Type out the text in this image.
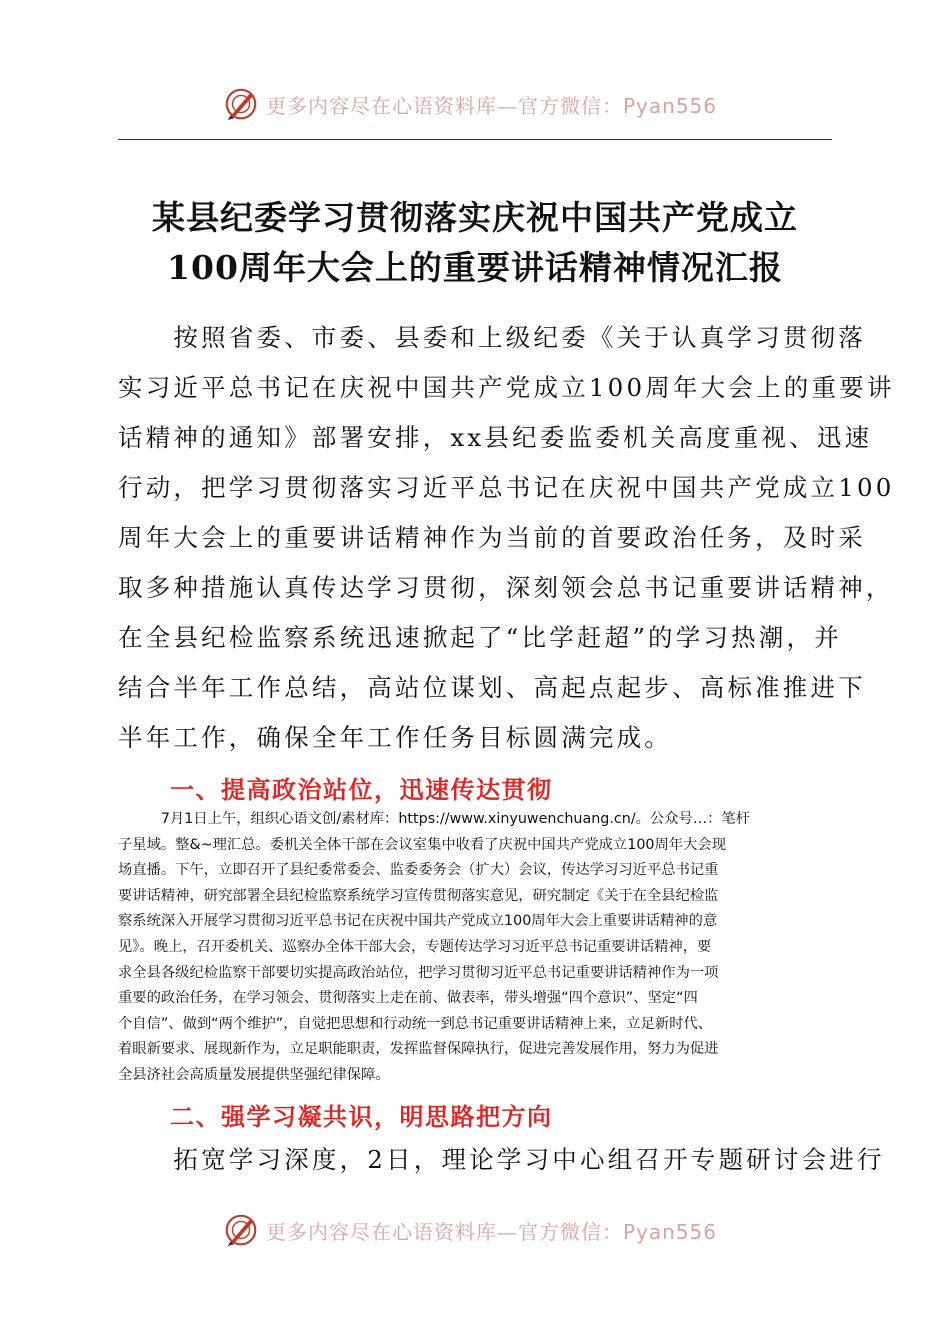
更多内容尽在心语资料库—官方微信：Pyan556
某县纪委学习贯彻落实庆祝中国共产党成立
100周年大会上的重要讲话精神情况汇报
　　按照省委、市委、县委和上级纪委《关于认真学习贯彻落
实习近平总书记在庆祝中国共产党成立100周年大会上的重要讲
话精神的通知》部署安排，xx县纪委监委机关高度重视、迅速
行动，把学习贯彻落实习近平总书记在庆祝中国共产党成立100
周年大会上的重要讲话精神作为当前的首要政治任务，及时采
取多种措施认真传达学习贯彻，深刻领会总书记重要讲话精神，
在全县纪检监察系统迅速掀起了“比学赶超”的学习热潮，并
结合半年工作总结，高站位谋划、高起点起步、高标准推进下
半年工作，确保全年工作任务目标圆满完成。
一、提高政治站位，迅速传达贯彻
　　　7月1日上午，组织心语文创/素材库：https://www.xinyuwenchuang.cn/。公众号…：笔杆
子星域。整&~理汇总。委机关全体干部在会议室集中收看了庆祝中国共产党成立100周年大会现
场直播。下午，立即召开了县纪委常委会、监委委务会（扩大）会议，传达学习习近平总书记重
要讲话精神，研究部署全县纪检监察系统学习宣传贯彻落实意见，研究制定《关于在全县纪检监
察系统深入开展学习贯彻习近平总书记在庆祝中国共产党成立100周年大会上重要讲话精神的意
见》。晚上，召开委机关、巡察办全体干部大会，专题传达学习习近平总书记重要讲话精神，要
求全县各级纪检监察干部要切实提高政治站位，把学习贯彻习近平总书记重要讲话精神作为一项
重要的政治任务，在学习领会、贯彻落实上走在前、做表率，带头增强“四个意识”、坚定“四
个自信”、做到“两个维护”，自觉把思想和行动统一到总书记重要讲话精神上来，立足新时代、
着眼新要求、展现新作为，立足职能职责，发挥监督保障执行，促进完善发展作用，努力为促进
全县济社会高质量发展提供坚强纪律保障。
二、强学习凝共识，明思路把方向
　　拓宽学习深度，2日，理论学习中心组召开专题研讨会进行
更多内容尽在心语资料库—官方微信：Pyan556
